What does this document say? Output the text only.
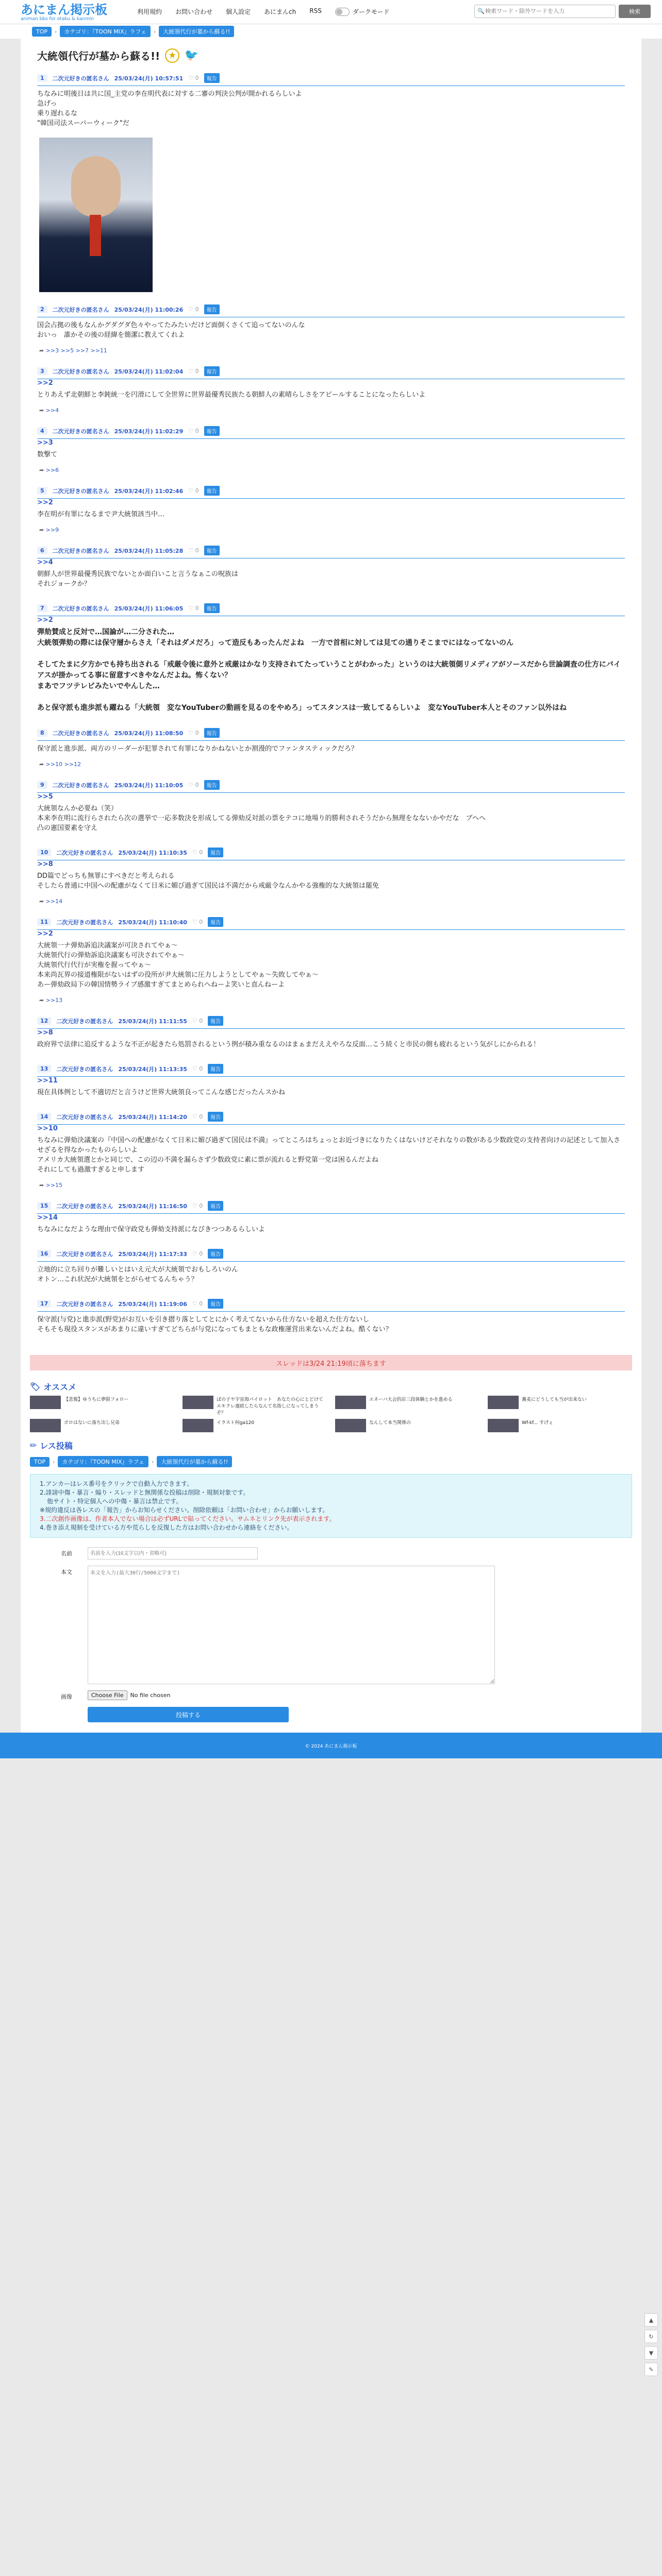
あにまん掲示板
animan bbs for otaku & kanmin
利用規約 お問い合わせ 個人設定 あにまんch RSS	ダークモード	🔍
検索ワード・除外ワードを入力	検索
TOP	›	カテゴリ：『TOON MIX』ラフェ	›	大統領代行が墓から蘇る!!
大統領代行が墓から蘇る!! ★ 🐦
1	二次元好きの匿名さん 25/03/24(月) 10:57:51 ♡ 0	報告
ちなみに明後日は共に国_主党の李在明代表に対する二審の判決公判が開かれるらしいよ
急げっ
乗り遅れるな
"韓国司法スーパーウィーク"だ
2	二次元好きの匿名さん 25/03/24(月) 11:00:26 ♡ 0	報告
国会占拠の後もなんかグダグダ色々やってたみたいだけど面倒くさくて追ってないのんな
おいっ　誰かその後の経緯を簡潔に教えてくれよ
➦ >>3 >>5 >>7 >>11
3	二次元好きの匿名さん 25/03/24(月) 11:02:04 ♡ 0	報告
>>2
とりあえず北朝鮮と李鈍統一を円滑にして全世界に世界最優秀民族たる朝鮮人の素晴らしさをアピールすることになったらしいよ
➦ >>4
4	二次元好きの匿名さん 25/03/24(月) 11:02:29 ♡ 0	報告
>>3
数撃て
➦ >>6
5	二次元好きの匿名さん 25/03/24(月) 11:02:46 ♡ 0	報告
>>2
李在明が有罪になるまで尹大統領該当中…
➦ >>9
6	二次元好きの匿名さん 25/03/24(月) 11:05:28 ♡ 0	報告
>>4
朝鮮人が世界最優秀民族でないとか面白いこと言うなぁこの呪族は
それジョークか？
7	二次元好きの匿名さん 25/03/24(月) 11:06:05 ♡ 0	報告
>>2
弾劾賛成と反対で…国論が…二分された…
大統領弾劾の際には保守層からさえ「それはダメだろ」って造反もあったんだよね　一方で首相に対しては見ての通りそこまでにはなってないのん

そしてたまに夕方かでも持ち出される「戒厳令後に意外と戒厳はかなり支持されてたっていうことがわかった」というのは大統領側リメディアがソースだから世論調査の仕方にバイアスが掛かってる事に留意すべきやなんだよね。怖くない？
まあでフツテレビみたいでやんした…

あと保守派も進歩派も躍ねる「大統領　変なYouTuberの動画を見るのをやめろ」ってスタンスは一致してるらしいよ　変なYouTuber本人とそのファン以外はね
8	二次元好きの匿名さん 25/03/24(月) 11:08:50 ♡ 0	報告
保守派と進歩派、両方のリーダーが犯罪されて有罪になりかねないとか割漫的でファンタスティックだろ？
➦ >>10 >>12
9	二次元好きの匿名さん 25/03/24(月) 11:10:05 ♡ 0	報告
>>5
大統領なんか必要ね（笑）
本来李在明に流行らされたら次の選挙で一応多数決を形成してる弾劾反対派の票をテコに地場り的勝利されそうだから無理をなないかやだな　ブヘへ
凸の憲国要素を守え
10	二次元好きの匿名さん 25/03/24(月) 11:10:35 ♡ 0	報告
>>8
DD篇でどっちも無罪にすべきだと考えられる
そしたら普通に中国への配慮がなくて日米に媚び過ぎて国民は不満だから戒厳令なんかやる強権的な大統領は罷免
➦ >>14
11	二次元好きの匿名さん 25/03/24(月) 11:10:40 ♡ 0	報告
>>2
大統領一ナ弾劾訴追決議案が可決されてやぁ～
大統領代行の弾劾訴追決議案も可決されてやぁ～
大統領代行代行が実権を握ってやぁ～
本来尚瓦界の接道権限がないはずの役所が尹大統領に圧力しようとしてやぁ～失敗してやぁ～
あー弾劾政局下の韓国情勢ライブ感激すぎてまとめられへねーよ笑いと直んねーよ
➦ >>13
12	二次元好きの匿名さん 25/03/24(月) 11:11:55 ♡ 0	報告
>>8
政府界で法律に追反するような不正が起きたら処罰されるという例が積み重なるのはまぁまだええやろな反面…こう続くと市民の側も疲れるという気がしにかられる！
13	二次元好きの匿名さん 25/03/24(月) 11:13:35 ♡ 0	報告
>>11
現在具体例として不適切だと言うけど世界大統領良ってこんな感じだったんスかね
14	二次元好きの匿名さん 25/03/24(月) 11:14:20 ♡ 0	報告
>>10
ちなみに弾劾決議案の『中国への配慮がなくて日米に媚び過ぎて国民は不満』ってところはちょっとお近づきになりたくはないけどそれなりの数がある少数政党の支持者向けの記述として加入させざるを得なかったものらしいよ
アメリカ大統領選とかと同じで、この辺の不満を漏らさず少数政党に素に票が流れると野党第一党は困るんだよね
それにしても過激すぎると申します
➦ >>15
15	二次元好きの匿名さん 25/03/24(月) 11:16:50 ♡ 0	報告
>>14
ちなみになだような理由で保守政党も弾劾支持派になびきつつあるらしいよ
16	二次元好きの匿名さん 25/03/24(月) 11:17:33 ♡ 0	報告
立地的に立ち回りが難しいとはいえ元大が大統領でおもしろいのん
オトン…これ状況が大統領をとがらせてるんちゃう？
17	二次元好きの匿名さん 25/03/24(月) 11:19:06 ♡ 0	報告
保守派(与党)と進歩派(野党)がお互いを引き摺り落としてとにかく考えてないから仕方ないを超えた仕方ないし
そもそも現役スタンスがあまりに違いすぎてどちらが与党になってもまともな政権運営出来ないんだよね。酷くない？
スレッドは3/24 21:19頃に落ちます
🏷 オススメ
【悲報】ゆうちに夢限フォロー	ぼの子ヤ宇宙海パイロット　あなたの心にとどけてエキクレ連続したらなんて名指しになってしまうぞ？
エネーバ大会的店三段体験とかを進める	蕎麦にどうしても当が出来ない
ボロはないに落ち出し兄弟	イラスト何ga120	なんして本当関係の	Wf-kf... すげぇ
✏ レス投稿
TOP	›	カテゴリ：『TOON MIX』ラフェ	›	大統領代行が墓から蘇る!!
1.アンカーはレス番号をクリックで自動入力できます。
2.誹謗中傷・暴言・煽り・スレッドと無関係な投稿は削除・規制対象です。
他サイト・特定個人への中傷・暴言は禁止です。
※規約違反は各レスの「報告」からお知らせください。削除依頼は「お問い合わせ」からお願いします。
3.二次創作画像は、作者本人でない場合は必ずURLで貼ってください。サムネとリンク先が表示されます。
4.巻き添え規制を受けている方や荒らしを反復した方はお問い合わせから連絡をください。
名前
名前を入力(16文字以内・省略可)
本文
本文を入力(最大30行/5000文字まで)
画像	Choose File	No file chosen
投稿する
© 2024 あにまん掲示板
▲
↻
▼
✎
